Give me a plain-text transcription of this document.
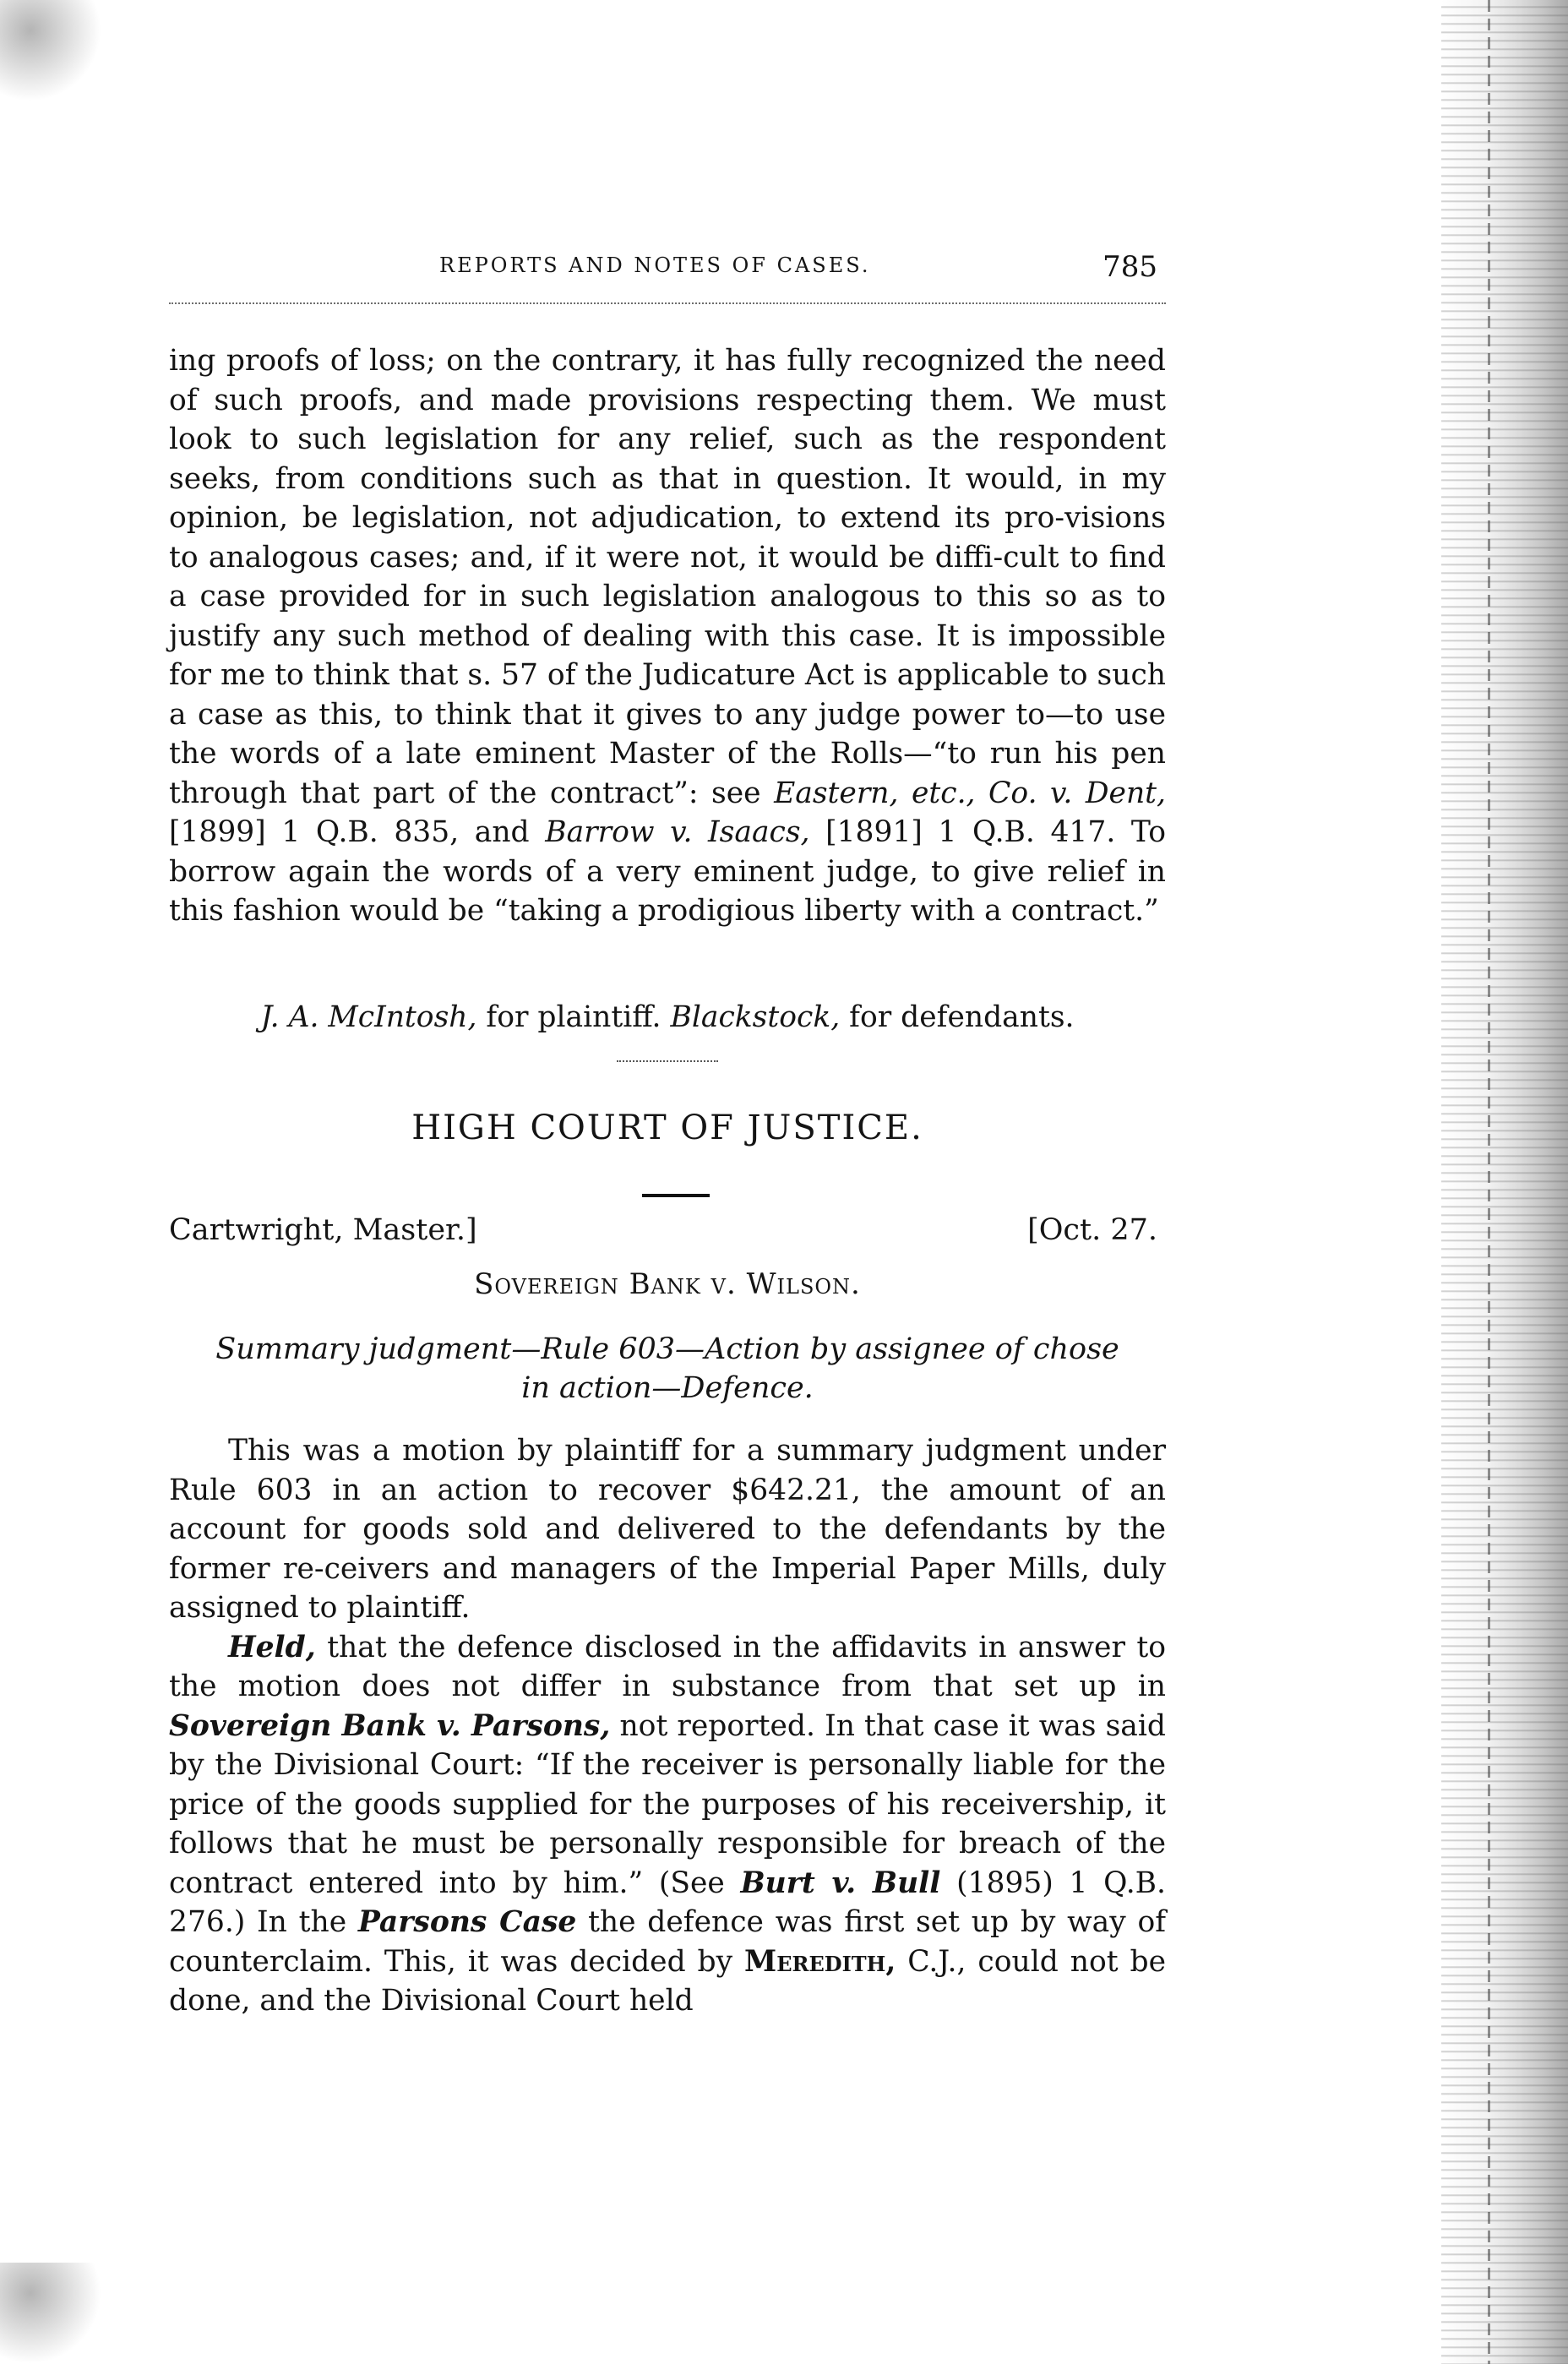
REPORTS AND NOTES OF CASES.	785

ing proofs of loss; on the contrary, it has fully recognized the need of such proofs, and made provisions respecting them. We must look to such legislation for any relief, such as the respondent seeks, from conditions such as that in question. It would, in my opinion, be legislation, not adjudication, to extend its pro-visions to analogous cases; and, if it were not, it would be diffi-cult to find a case provided for in such legislation analogous to this so as to justify any such method of dealing with this case. It is impossible for me to think that s. 57 of the Judicature Act is applicable to such a case as this, to think that it gives to any judge power to—to use the words of a late eminent Master of the Rolls—“to run his pen through that part of the contract”: see Eastern, etc., Co. v. Dent, [1899] 1 Q.B. 835, and Barrow v. Isaacs, [1891] 1 Q.B. 417. To borrow again the words of a very eminent judge, to give relief in this fashion would be “taking a prodigious liberty with a contract.”

J. A. McIntosh, for plaintiff. Blackstock, for defendants.
HIGH COURT OF JUSTICE.
Cartwright, Master.]	[Oct. 27.
Sovereign Bank v. Wilson.
Summary judgment—Rule 603—Action by assignee of chose in action—Defence.

This was a motion by plaintiff for a summary judgment under Rule 603 in an action to recover $642.21, the amount of an account for goods sold and delivered to the defendants by the former re-ceivers and managers of the Imperial Paper Mills, duly assigned to plaintiff.

Held, that the defence disclosed in the affidavits in answer to the motion does not differ in substance from that set up in Sovereign Bank v. Parsons, not reported. In that case it was said by the Divisional Court: “If the receiver is personally liable for the price of the goods supplied for the purposes of his receivership, it follows that he must be personally responsible for breach of the contract entered into by him.” (See Burt v. Bull (1895) 1 Q.B. 276.) In the Parsons Case the defence was first set up by way of counterclaim. This, it was decided by Meredith, C.J., could not be done, and the Divisional Court held
